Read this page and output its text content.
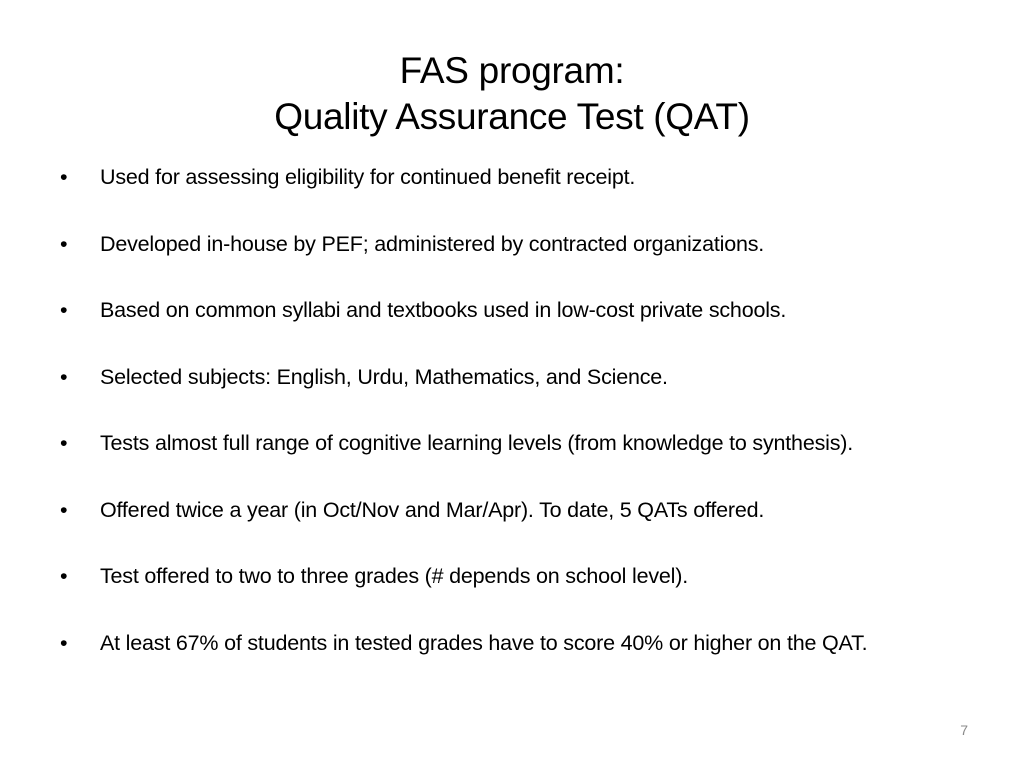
FAS program:
Quality Assurance Test (QAT)
•	Used for assessing eligibility for continued benefit receipt.
•	Developed in-house by PEF; administered by contracted organizations.
•	Based on common syllabi and textbooks used in low-cost private schools.
•	Selected subjects: English, Urdu, Mathematics, and Science.
•	Tests almost full range of cognitive learning levels (from knowledge to synthesis).
•	Offered twice a year (in Oct/Nov and Mar/Apr). To date, 5 QATs offered.
•	Test offered to two to three grades (# depends on school level).
•	At least 67% of students in tested grades have to score 40% or higher on the QAT.
7
